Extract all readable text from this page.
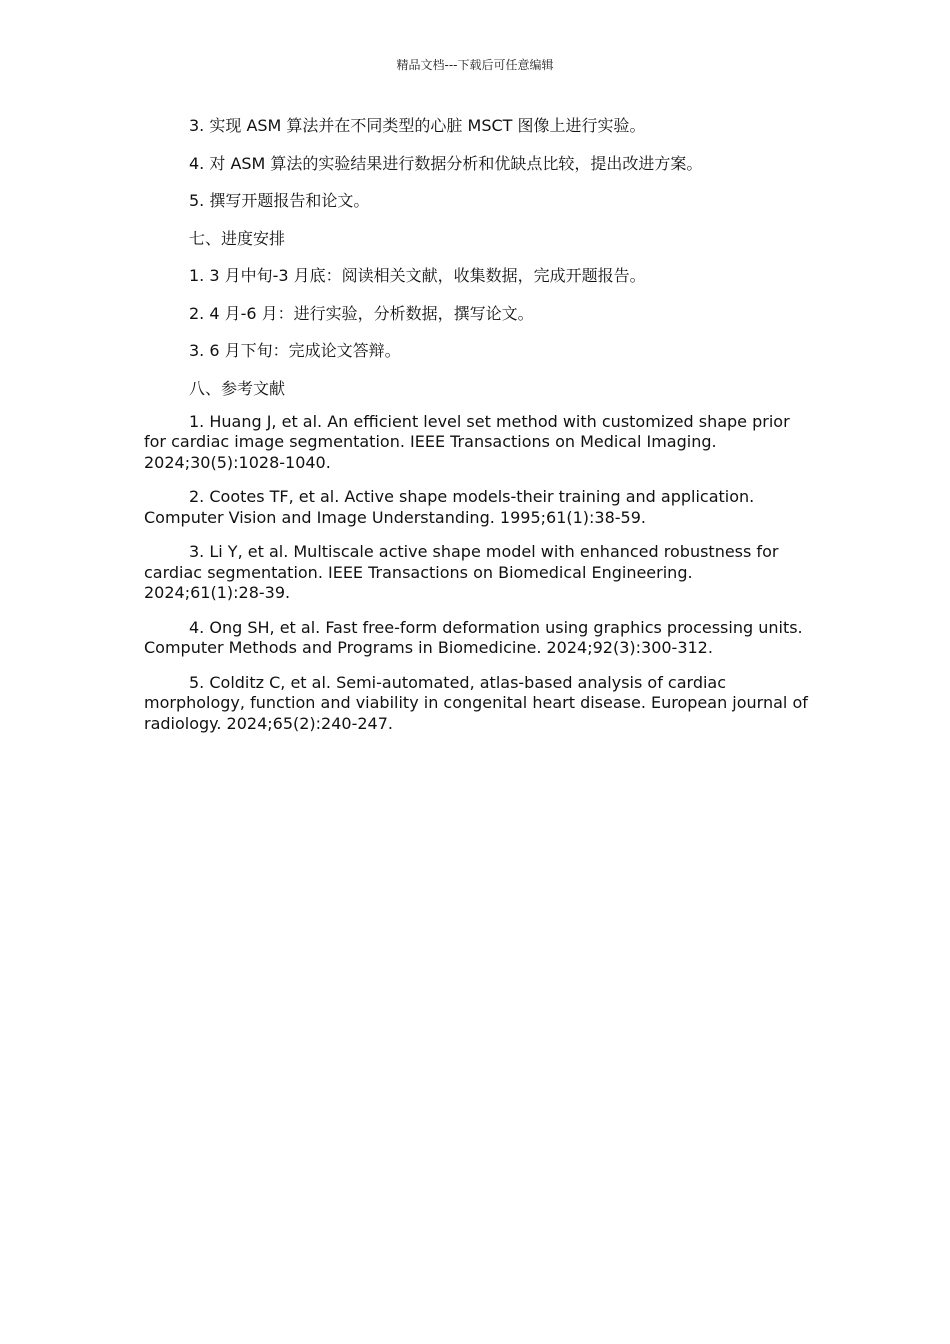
精品文档---下载后可任意编辑

3. 实现 ASM 算法并在不同类型的心脏 MSCT 图像上进行实验。

4. 对 ASM 算法的实验结果进行数据分析和优缺点比较，提出改进方案。

5. 撰写开题报告和论文。

七、进度安排

1. 3 月中旬-3 月底：阅读相关文献，收集数据，完成开题报告。

2. 4 月-6 月：进行实验，分析数据，撰写论文。

3. 6 月下旬：完成论文答辩。

八、参考文献

1. Huang J, et al. An efficient level set method with customized shape prior for cardiac image segmentation. IEEE Transactions on Medical Imaging. 2024;30(5):1028-1040.

2. Cootes TF, et al. Active shape models-their training and application. Computer Vision and Image Understanding. 1995;61(1):38-59.

3. Li Y, et al. Multiscale active shape model with enhanced robustness for cardiac segmentation. IEEE Transactions on Biomedical Engineering. 2024;61(1):28-39.

4. Ong SH, et al. Fast free-form deformation using graphics processing units. Computer Methods and Programs in Biomedicine. 2024;92(3):300-312.

5. Colditz C, et al. Semi-automated, atlas-based analysis of cardiac morphology, function and viability in congenital heart disease. European journal of radiology. 2024;65(2):240-247.
